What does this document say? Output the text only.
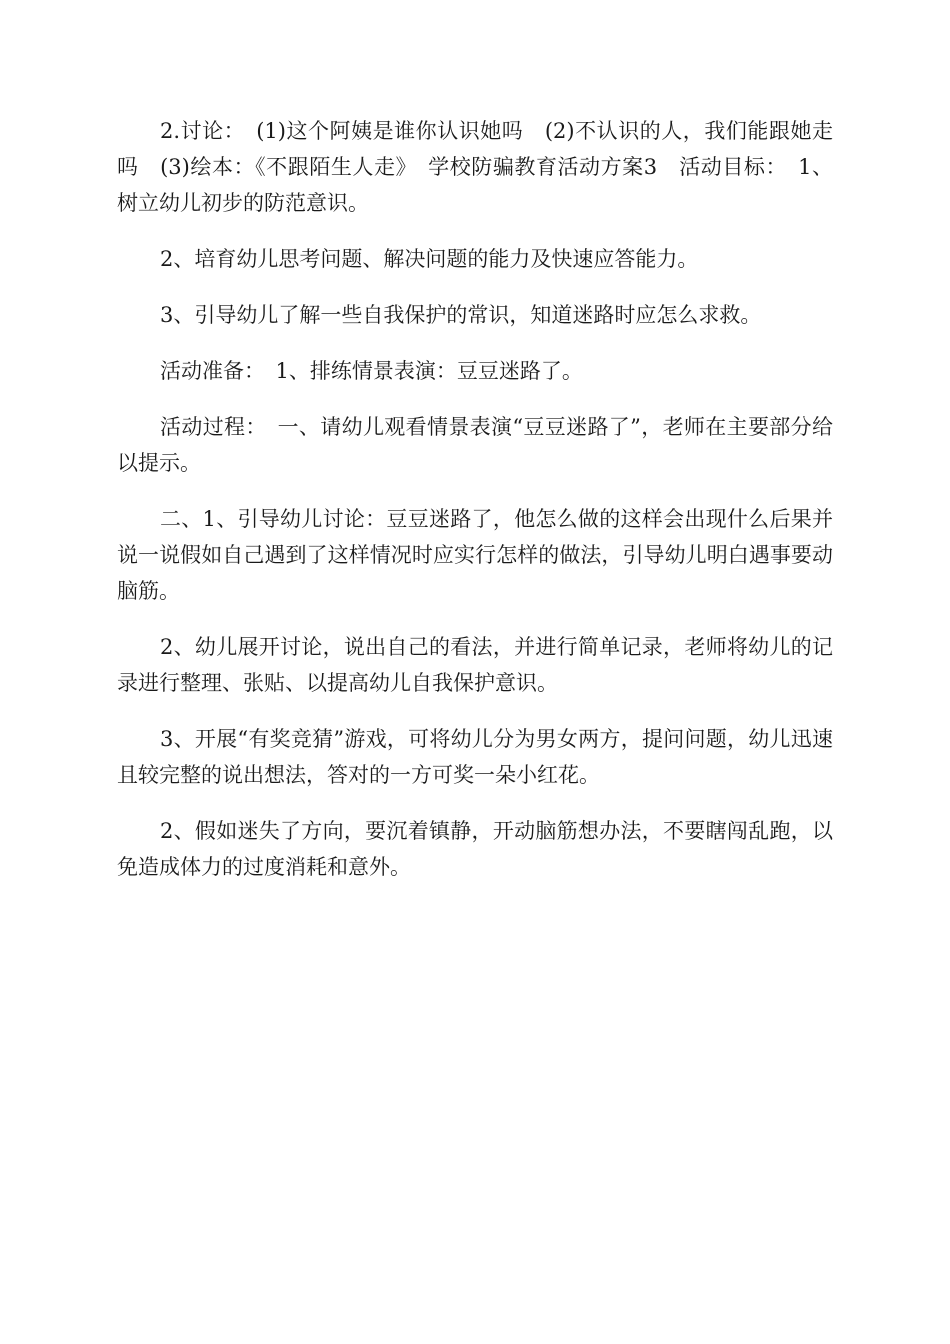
2.讨论：　(1)这个阿姨是谁你认识她吗　(2)不认识的人，我们能跟她走吗　(3)绘本：《不跟陌生人走》　学校防骗教育活动方案3　活动目标：　1、树立幼儿初步的防范意识。

2、培育幼儿思考问题、解决问题的能力及快速应答能力。

3、引导幼儿了解一些自我保护的常识，知道迷路时应怎么求救。

活动准备：　1、排练情景表演：豆豆迷路了。

活动过程：　一、请幼儿观看情景表演“豆豆迷路了”，老师在主要部分给以提示。

二、1、引导幼儿讨论：豆豆迷路了，他怎么做的这样会出现什么后果并说一说假如自己遇到了这样情况时应实行怎样的做法，引导幼儿明白遇事要动脑筋。

2、幼儿展开讨论，说出自己的看法，并进行简单记录，老师将幼儿的记录进行整理、张贴、以提高幼儿自我保护意识。

3、开展“有奖竞猜”游戏，可将幼儿分为男女两方，提问问题，幼儿迅速且较完整的说出想法，答对的一方可奖一朵小红花。

2、假如迷失了方向，要沉着镇静，开动脑筋想办法，不要瞎闯乱跑，以免造成体力的过度消耗和意外。
